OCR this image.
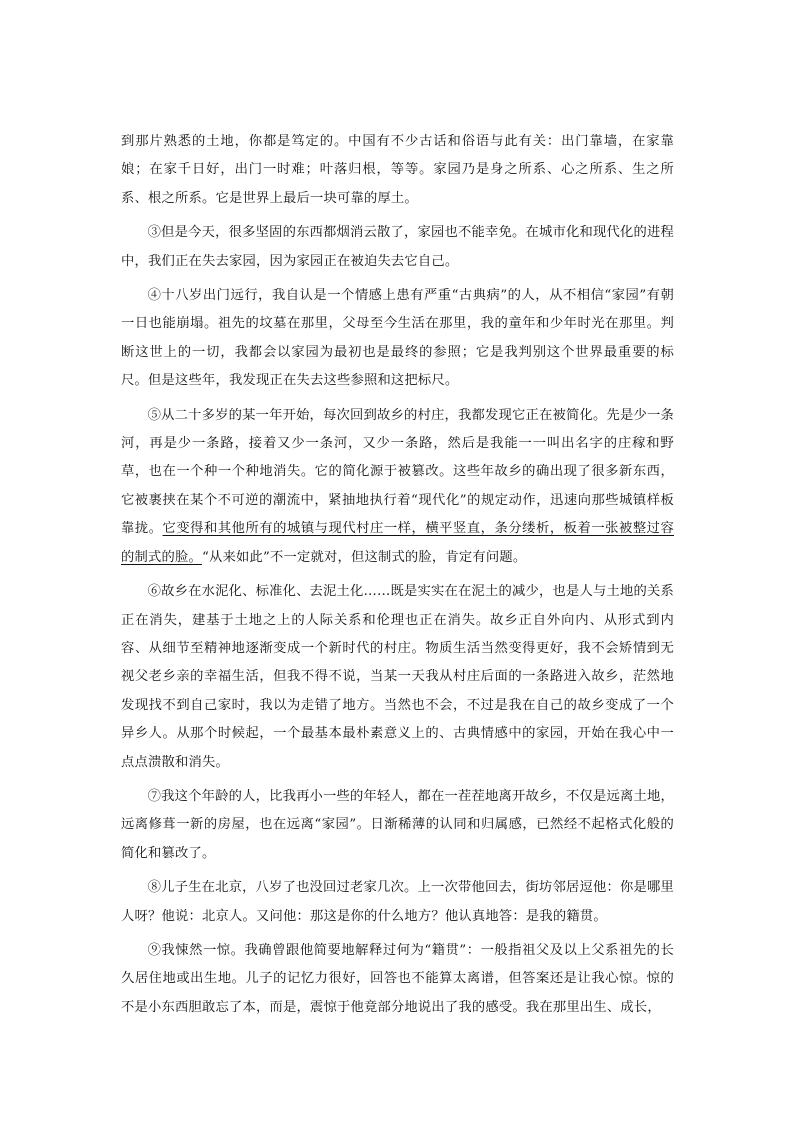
到那片熟悉的土地，你都是笃定的。中国有不少古话和俗语与此有关：出门靠墙，在家靠娘；在家千日好，出门一时难；叶落归根，等等。家园乃是身之所系、心之所系、生之所系、根之所系。它是世界上最后一块可靠的厚土。

③但是今天，很多坚固的东西都烟消云散了，家园也不能幸免。在城市化和现代化的进程中，我们正在失去家园，因为家园正在被迫失去它自己。

④十八岁出门远行，我自认是一个情感上患有严重“古典病”的人，从不相信“家园”有朝一日也能崩塌。祖先的坟墓在那里，父母至今生活在那里，我的童年和少年时光在那里。判断这世上的一切，我都会以家园为最初也是最终的参照；它是我判别这个世界最重要的标尺。但是这些年，我发现正在失去这些参照和这把标尺。

⑤从二十多岁的某一年开始，每次回到故乡的村庄，我都发现它正在被简化。先是少一条河，再是少一条路，接着又少一条河，又少一条路，然后是我能一一叫出名字的庄稼和野草，也在一个种一个种地消失。它的简化源于被篡改。这些年故乡的确出现了很多新东西，它被裹挟在某个不可逆的潮流中，紧抽地执行着“现代化”的规定动作，迅速向那些城镇样板靠拢。它变得和其他所有的城镇与现代村庄一样，横平竖直，条分缕析，板着一张被整过容的制式的脸。“从来如此”不一定就对，但这制式的脸，肯定有问题。

⑥故乡在水泥化、标准化、去泥土化……既是实实在在泥土的减少，也是人与土地的关系正在消失，建基于土地之上的人际关系和伦理也正在消失。故乡正自外向内、从形式到内容、从细节至精神地逐渐变成一个新时代的村庄。物质生活当然变得更好，我不会矫情到无视父老乡亲的幸福生活，但我不得不说，当某一天我从村庄后面的一条路进入故乡，茫然地发现找不到自己家时，我以为走错了地方。当然也不会，不过是我在自己的故乡变成了一个异乡人。从那个时候起，一个最基本最朴素意义上的、古典情感中的家园，开始在我心中一点点溃散和消失。

⑦我这个年龄的人，比我再小一些的年轻人，都在一茬茬地离开故乡，不仅是远离土地，远离修葺一新的房屋，也在远离“家园”。日渐稀薄的认同和归属感，已然经不起格式化般的简化和篡改了。

⑧儿子生在北京，八岁了也没回过老家几次。上一次带他回去，街坊邻居逗他：你是哪里人呀？他说：北京人。又问他：那这是你的什么地方？他认真地答：是我的籍贯。

⑨我悚然一惊。我确曾跟他简要地解释过何为“籍贯”：一般指祖父及以上父系祖先的长久居住地或出生地。儿子的记忆力很好，回答也不能算太离谱，但答案还是让我心惊。惊的不是小东西胆敢忘了本，而是，震惊于他竟部分地说出了我的感受。我在那里出生、成长，
